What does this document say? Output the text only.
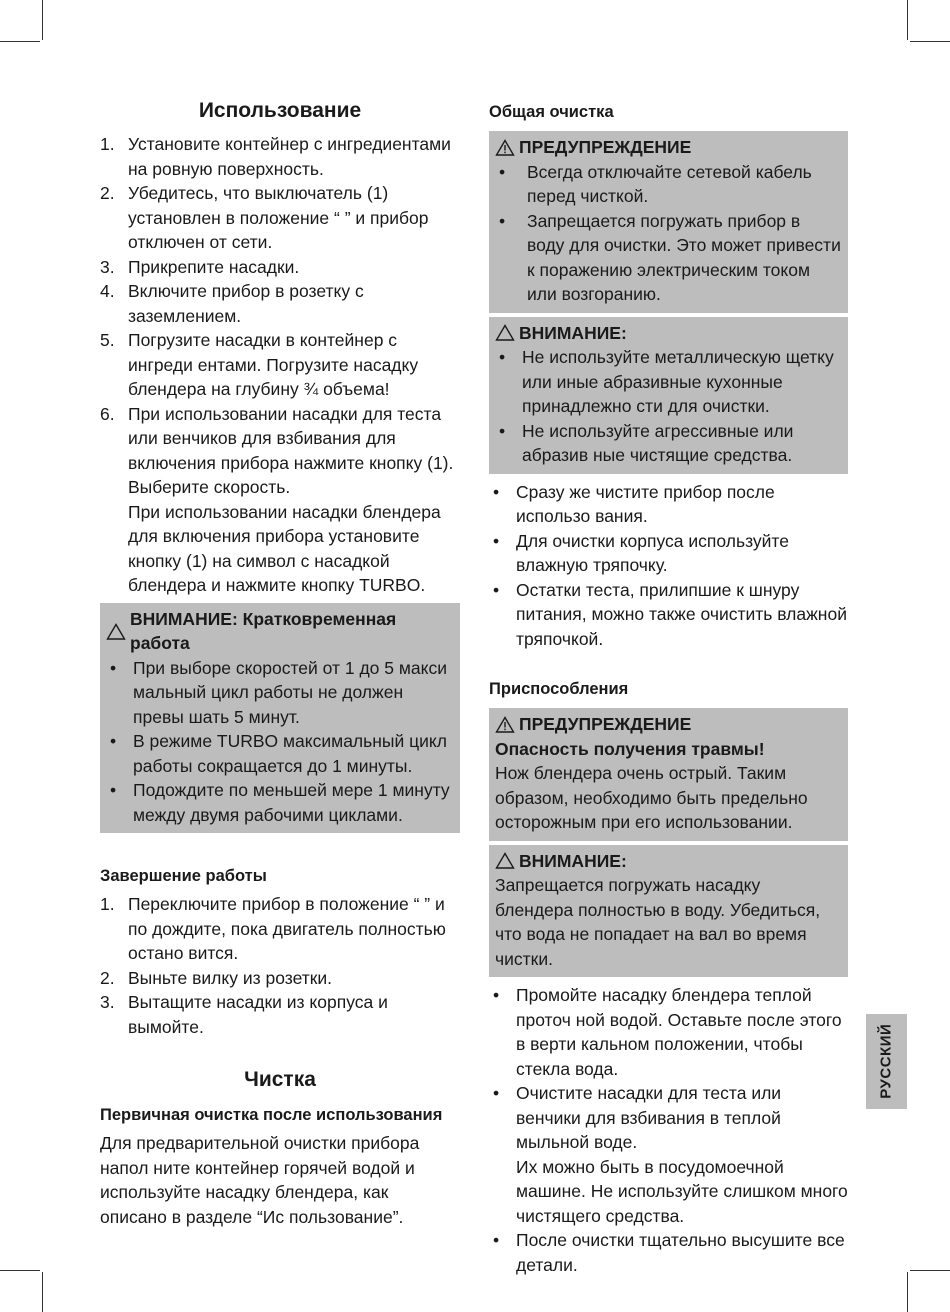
Использование
1. Установите контейнер с ингредиентами на ровную поверхность.
2. Убедитесь, что выключатель (1) установлен в положение “ ” и прибор отключен от сети.
3. Прикрепите насадки.
4. Включите прибор в розетку с заземлением.
5. Погрузите насадки в контейнер с ингреди ентами. Погрузите насадку блендера на глубину ¾ объема!
6. При использовании насадки для теста или венчиков для взбивания для включения прибора нажмите кнопку (1). Выберите скорость.
При использовании насадки блендера для включения прибора установите кнопку (1) на символ с насадкой блендера и нажмите кнопку TURBO.
ВНИМАНИЕ: Кратковременная работа
• При выборе скоростей от 1 до 5 макси мальный цикл работы не должен превы шать 5 минут.
• В режиме TURBO максимальный цикл работы сокращается до 1 минуты.
• Подождите по меньшей мере 1 минуту между двумя рабочими циклами.
Завершение работы
1. Переключите прибор в положение “ ” и по дождите, пока двигатель полностью остано вится.
2. Выньте вилку из розетки.
3. Вытащите насадки из корпуса и вымойте.
Чистка
Первичная очистка после использования

Для предварительной очистки прибора напол ните контейнер горячей водой и используйте насадку блендера, как описано в разделе “Ис пользование”.

Общая очистка
ПРЕДУПРЕЖДЕНИЕ
• Всегда отключайте сетевой кабель перед чисткой.
• Запрещается погружать прибор в воду для очистки. Это может привести к поражению электрическим током или возгоранию.
ВНИМАНИЕ:
• Не используйте металлическую щетку или иные абразивные кухонные принадлежно сти для очистки.
• Не используйте агрессивные или абразив ные чистящие средства.
• Сразу же чистите прибор после использо вания.
• Для очистки корпуса используйте влажную тряпочку.
• Остатки теста, прилипшие к шнуру питания, можно также очистить влажной тряпочкой.
Приспособления
ПРЕДУПРЕЖДЕНИЕ

Опасность получения травмы!

Нож блендера очень острый. Таким образом, необходимо быть предельно осторожным при его использовании.

ВНИМАНИЕ:

Запрещается погружать насадку блендера полностью в воду. Убедиться, что вода не попадает на вал во время чистки.

• Промойте насадку блендера теплой проточ ной водой. Оставьте после этого в верти кальном положении, чтобы стекла вода.
• Очистите насадки для теста или венчики для взбивания в теплой мыльной воде.
Их можно быть в посудомоечной машине. Не используйте слишком много чистящего средства.
• После очистки тщательно высушите все детали.
РУССКИЙ
